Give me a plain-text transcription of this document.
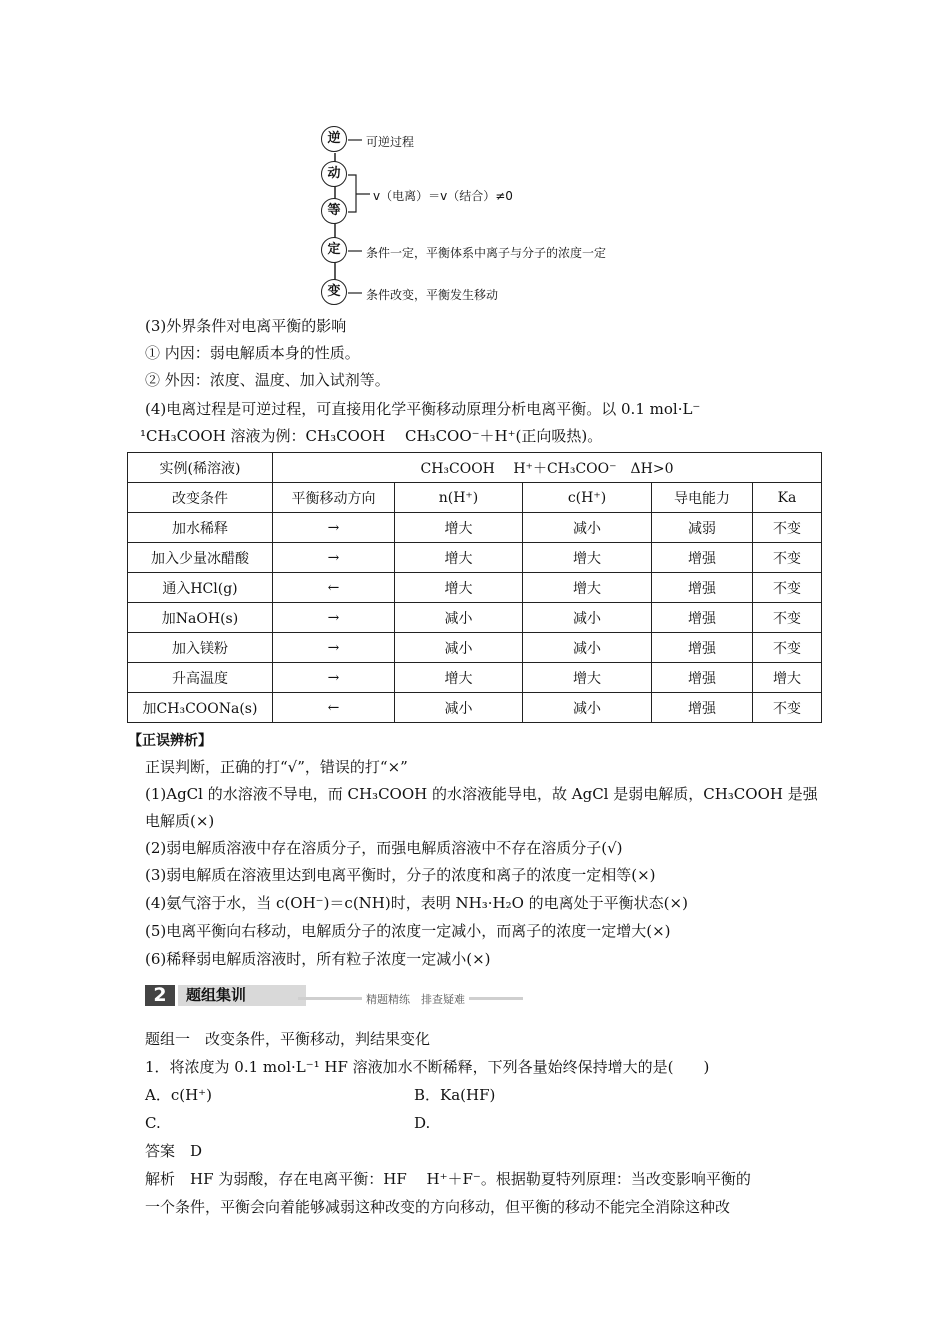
逆
动
等
定
变
可逆过程
v（电离）＝v（结合）≠0
条件一定，平衡体系中离子与分子的浓度一定
条件改变，平衡发生移动
(3)外界条件对电离平衡的影响
① 内因：弱电解质本身的性质。
② 外因：浓度、温度、加入试剂等。
(4)电离过程是可逆过程，可直接用化学平衡移动原理分析电离平衡。以 0.1 mol·L⁻
¹CH₃COOH 溶液为例：CH₃COOH　 CH₃COO⁻＋H⁺(正向吸热)。
实例(稀溶液)	CH₃COOH　 H⁺＋CH₃COO⁻　ΔH>0				
改变条件	平衡移动方向	n(H⁺)	c(H⁺)	导电能力	Ka
加水稀释	→	增大	减小	减弱	不变
加入少量冰醋酸	→	增大	增大	增强	不变
通入HCl(g)	←	增大	增大	增强	不变
加NaOH(s)	→	减小	减小	增强	不变
加入镁粉	→	减小	减小	增强	不变
升高温度	→	增大	增大	增强	增大
加CH₃COONa(s)	←	减小	减小	增强	不变
【正误辨析】
正误判断，正确的打“√”，错误的打“×”
(1)AgCl 的水溶液不导电，而 CH₃COOH 的水溶液能导电，故 AgCl 是弱电解质，CH₃COOH 是强
电解质(×)
(2)弱电解质溶液中存在溶质分子，而强电解质溶液中不存在溶质分子(√)
(3)弱电解质在溶液里达到电离平衡时，分子的浓度和离子的浓度一定相等(×)
(4)氨气溶于水，当 c(OH⁻)＝c(NH)时，表明 NH₃·H₂O 的电离处于平衡状态(×)
(5)电离平衡向右移动，电解质分子的浓度一定减小，而离子的浓度一定增大(×)
(6)稀释弱电解质溶液时，所有粒子浓度一定减小(×)
2	题组集训	精题精练　排查疑难
题组一　改变条件，平衡移动，判结果变化
1．将浓度为 0.1 mol·L⁻¹ HF 溶液加水不断稀释，下列各量始终保持增大的是(　　)
A．c(H⁺)	B．Ka(HF)
C.	D.
答案　D
解析　HF 为弱酸，存在电离平衡：HF　 H⁺＋F⁻。根据勒夏特列原理：当改变影响平衡的
一个条件，平衡会向着能够减弱这种改变的方向移动，但平衡的移动不能完全消除这种改
